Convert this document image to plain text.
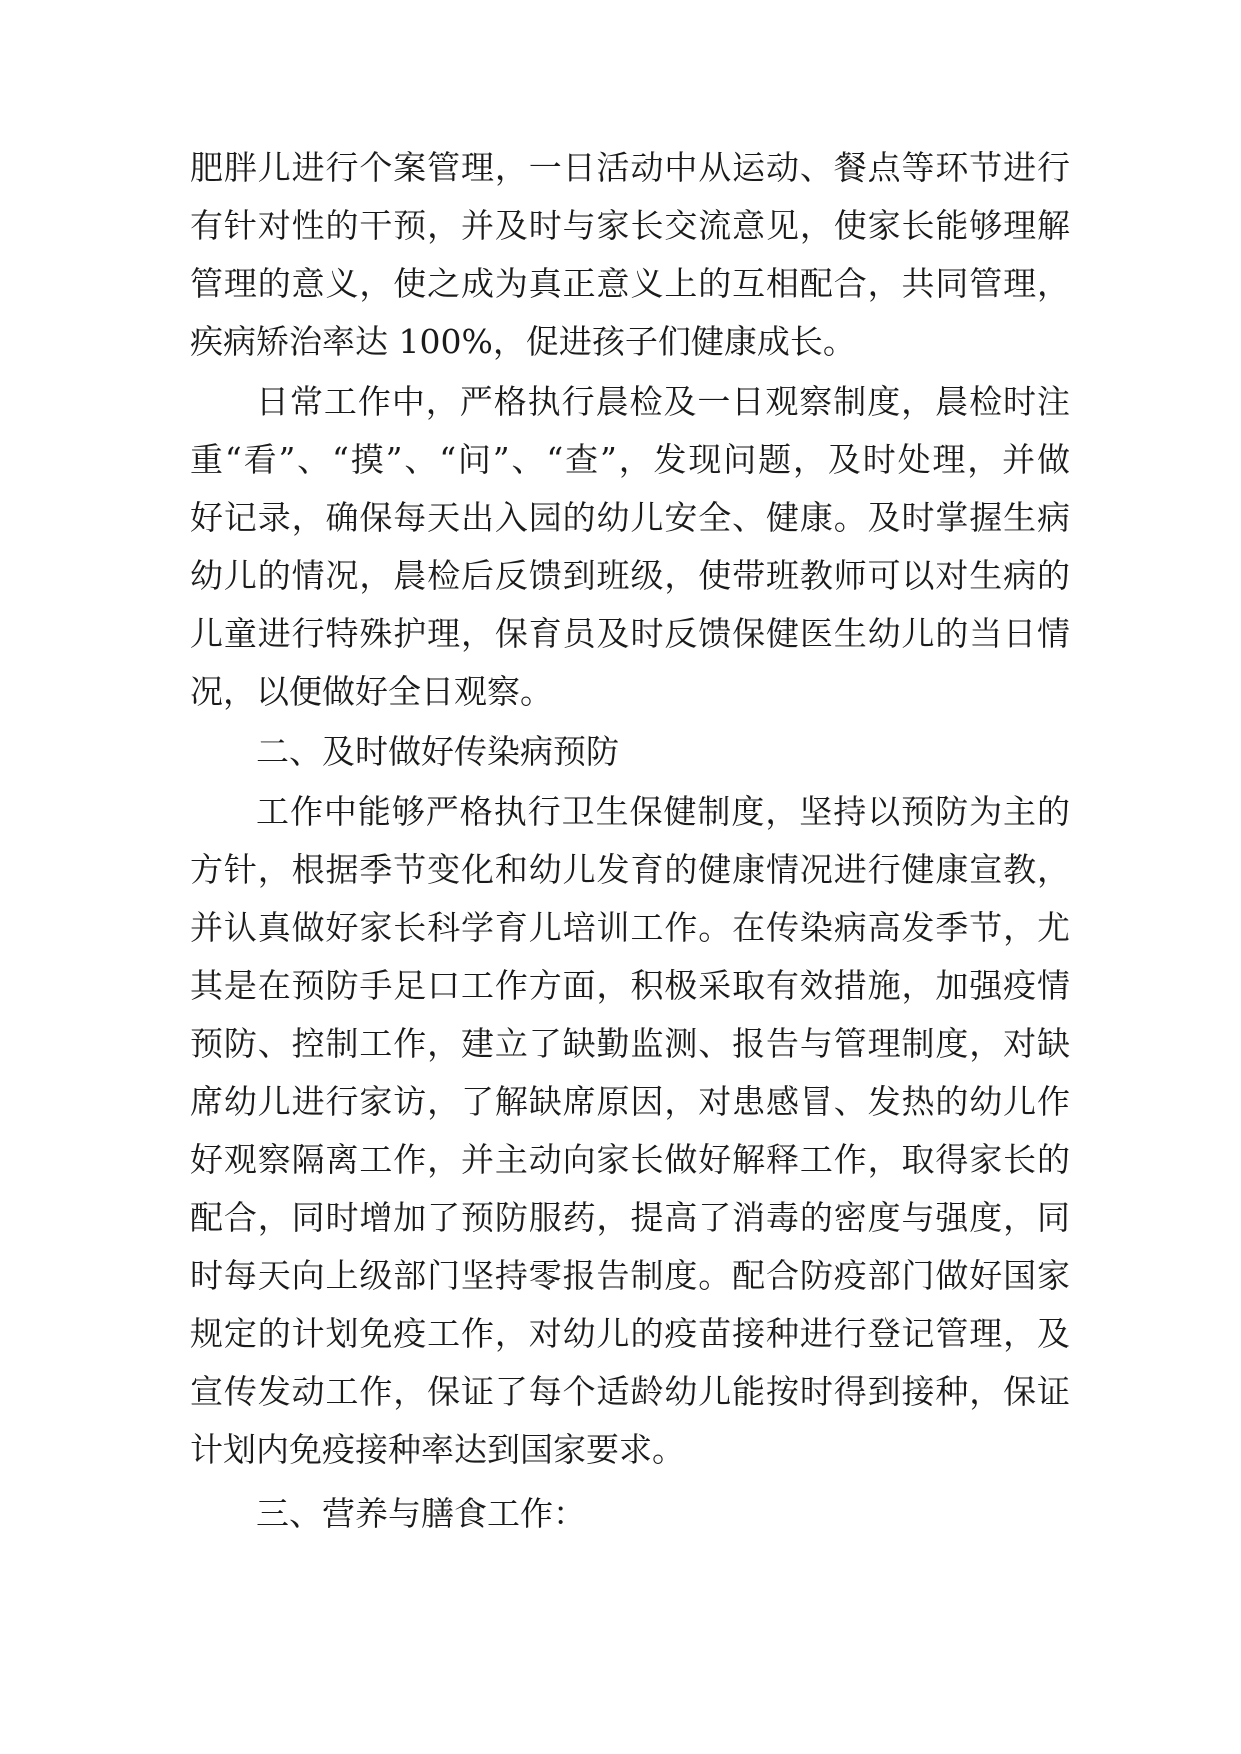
肥胖儿进行个案管理，一日活动中从运动、餐点等环节进行
有针对性的干预，并及时与家长交流意见，使家长能够理解
管理的意义，使之成为真正意义上的互相配合，共同管理，
疾病矫治率达 100%，促进孩子们健康成长。
日常工作中，严格执行晨检及一日观察制度，晨检时注
重“看”、“摸”、“问”、“查”，发现问题，及时处理，并做
好记录，确保每天出入园的幼儿安全、健康。及时掌握生病
幼儿的情况，晨检后反馈到班级，使带班教师可以对生病的
儿童进行特殊护理，保育员及时反馈保健医生幼儿的当日情
况，以便做好全日观察。
二、及时做好传染病预防
工作中能够严格执行卫生保健制度，坚持以预防为主的
方针，根据季节变化和幼儿发育的健康情况进行健康宣教，
并认真做好家长科学育儿培训工作。在传染病高发季节，尤
其是在预防手足口工作方面，积极采取有效措施，加强疫情
预防、控制工作，建立了缺勤监测、报告与管理制度，对缺
席幼儿进行家访，了解缺席原因，对患感冒、发热的幼儿作
好观察隔离工作，并主动向家长做好解释工作，取得家长的
配合，同时增加了预防服药，提高了消毒的密度与强度，同
时每天向上级部门坚持零报告制度。配合防疫部门做好国家
规定的计划免疫工作，对幼儿的疫苗接种进行登记管理，及
宣传发动工作，保证了每个适龄幼儿能按时得到接种，保证
计划内免疫接种率达到国家要求。
三、营养与膳食工作：
